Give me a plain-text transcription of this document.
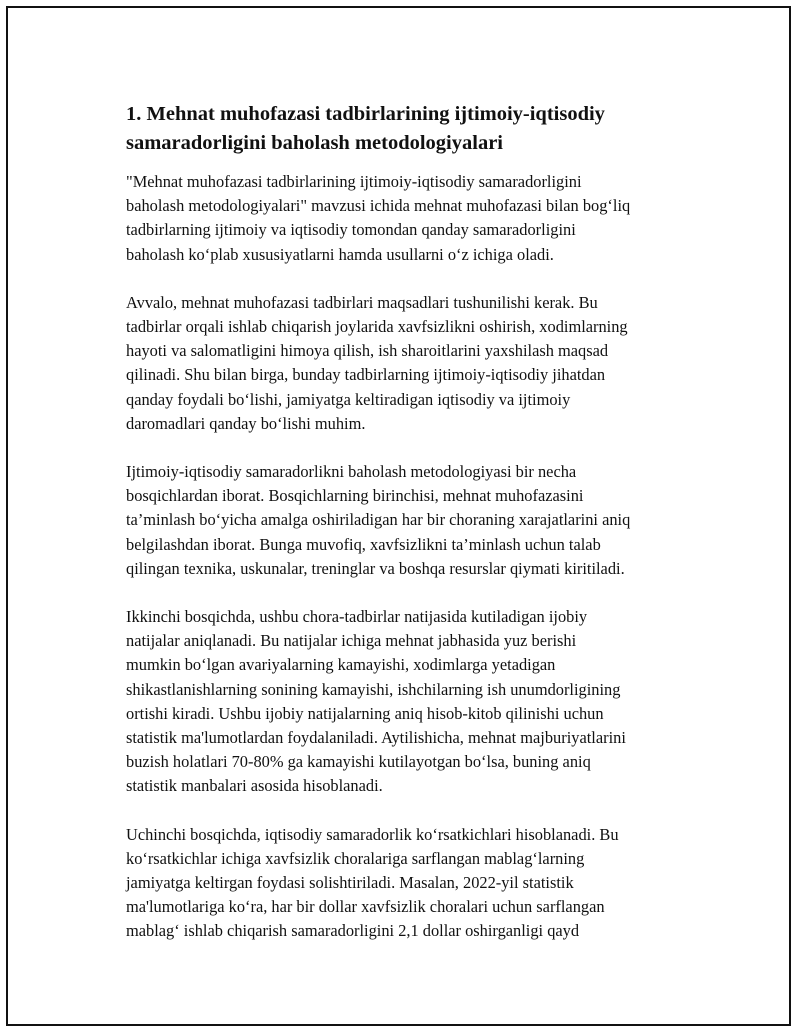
1. Mehnat muhofazasi tadbirlarining ijtimoiy-iqtisodiy
samaradorligini baholash metodologiyalari

"Mehnat muhofazasi tadbirlarining ijtimoiy-iqtisodiy samaradorligini
baholash metodologiyalari" mavzusi ichida mehnat muhofazasi bilan bog‘liq
tadbirlarning ijtimoiy va iqtisodiy tomondan qanday samaradorligini
baholash ko‘plab xususiyatlarni hamda usullarni o‘z ichiga oladi.

Avvalo, mehnat muhofazasi tadbirlari maqsadlari tushunilishi kerak. Bu
tadbirlar orqali ishlab chiqarish joylarida xavfsizlikni oshirish, xodimlarning
hayoti va salomatligini himoya qilish, ish sharoitlarini yaxshilash maqsad
qilinadi. Shu bilan birga, bunday tadbirlarning ijtimoiy-iqtisodiy jihatdan
qanday foydali bo‘lishi, jamiyatga keltiradigan iqtisodiy va ijtimoiy
daromadlari qanday bo‘lishi muhim.

Ijtimoiy-iqtisodiy samaradorlikni baholash metodologiyasi bir necha
bosqichlardan iborat. Bosqichlarning birinchisi, mehnat muhofazasini
ta’minlash bo‘yicha amalga oshiriladigan har bir choraning xarajatlarini aniq
belgilashdan iborat. Bunga muvofiq, xavfsizlikni ta’minlash uchun talab
qilingan texnika, uskunalar, treninglar va boshqa resurslar qiymati kiritiladi.

Ikkinchi bosqichda, ushbu chora-tadbirlar natijasida kutiladigan ijobiy
natijalar aniqlanadi. Bu natijalar ichiga mehnat jabhasida yuz berishi
mumkin bo‘lgan avariyalarning kamayishi, xodimlarga yetadigan
shikastlanishlarning sonining kamayishi, ishchilarning ish unumdorligining
ortishi kiradi. Ushbu ijobiy natijalarning aniq hisob-kitob qilinishi uchun
statistik ma'lumotlardan foydalaniladi. Aytilishicha, mehnat majburiyatlarini
buzish holatlari 70-80% ga kamayishi kutilayotgan bo‘lsa, buning aniq
statistik manbalari asosida hisoblanadi.

Uchinchi bosqichda, iqtisodiy samaradorlik ko‘rsatkichlari hisoblanadi. Bu
ko‘rsatkichlar ichiga xavfsizlik choralariga sarflangan mablag‘larning
jamiyatga keltirgan foydasi solishtiriladi. Masalan, 2022-yil statistik
ma'lumotlariga ko‘ra, har bir dollar xavfsizlik choralari uchun sarflangan
mablag‘ ishlab chiqarish samaradorligini 2,1 dollar oshirganligi qayd
